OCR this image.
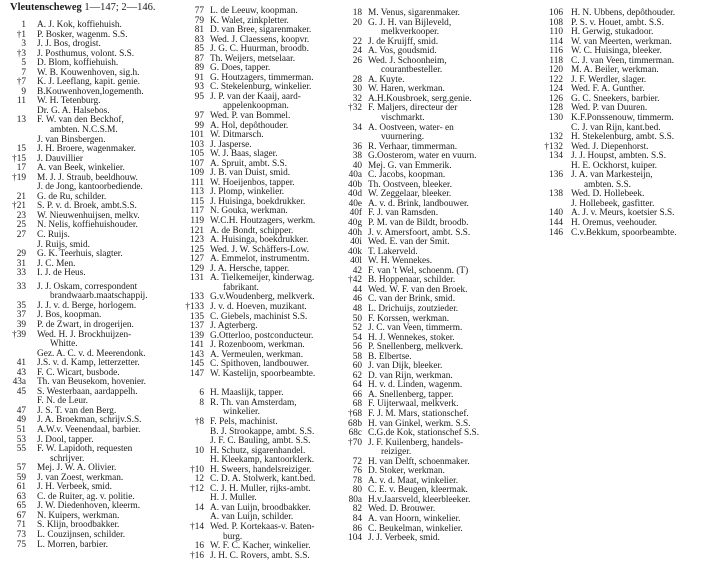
Vleutenscheweg 1—147; 2—146.
1 A. J. Kok, koffiehuish.
†1 P. Bosker, wagenm. S.S.
3 J. J. Bos, drogist.
†3 J. Posthumus, volont. S.S.
5 D. Blom, koffiehuish.
7 W. B. Kouwenhoven, sig.h.
†7 K. J. Leeflang, kapit. genie.
9 B.Kouwenhoven,logementh.
11 W. H. Tetenburg.
Dr. G. A. Halsebos.
13 F. W. van den Beckhof,
ambten. N.C.S.M.
J. van Binsbergen.
15 J. H. Broere, wagenmaker.
†15 J. Dauvillier
17 A. van Beek, winkelier.
†19 M. J. J. Straub, beeldhouw.
J. de Jong, kantoorbediende.
21 G. de Ru, schilder.
†21 S. P. v. d. Broek, ambt.S.S.
23 W. Nieuwenhuijsen, melkv.
25 N. Nelis, koffiehuishouder.
27 C. Ruijs.
J. Ruijs, smid.
29 G. K. Teerhuis, slagter.
31 J. C. Men.
33 I. J. de Heus.
33 J. J. Oskam, correspondent
brandwaarb.maatschappij.
35 J. J. v. d. Berge, horlogem.
37 J. Bos, koopman.
39 P. de Zwart, in drogerijen.
†39 Wed. H. J. Brockhuijzen-
Whitte.
Gez. A. C. v. d. Meerendonk.
41 J.S. v. d. Kamp, letterzetter.
43 F. C. Wicart, busbode.
43a Th. van Beusekom, hovenier.
45 S. Westerbaan, aardappelh.
F. N. de Leur.
47 J. S. T. van den Berg.
49 J. A. Broekman, schrijv.S.S.
51 A.W.v. Veenendaal, barbier.
53 J. Dool, tapper.
55 F. W. Lapidoth, requesten
schrijver.
57 Mej. J. W. A. Olivier.
59 J. van Zoest, werkman.
61 J. H. Verbeek, smid.
63 C. de Ruiter, ag. v. politie.
65 J. W. Diedenhoven, kleerm.
67 N. Kuipers, werkman.
71 S. Klijn, broodbakker.
73 L. Couzijnsen, schilder.
75 L. Morren, barbier.
77 L. de Leeuw, koopman.
79 K. Walet, zinkpletter.
81 D. van Bree, sigarenmaker.
83 Wed. J. Claessens, koopvr.
85 J. G. C. Huurman, broodb.
87 Th. Weijers, metselaar.
89 G. Does, tapper.
91 G. Houtzagers, timmerman.
93 C. Stekelenburg, winkelier.
95 J. P. van der Kaaij, aard-
appelenkoopman.
97 Wed. P. van Bommel.
99 A. Hol, depôthouder.
101 W. Ditmarsch.
103 J. Jasperse.
105 W. J. Baas, slager.
107 A. Spruit, ambt. S.S.
109 J. B. van Duist, smid.
111 W. Hoeijenbos, tapper.
113 J. Plomp, winkelier.
115 J. Huisinga, boekdrukker.
117 N. Gouka, werkman.
119 W.C.H. Houtzagers, werkm.
121 A. de Bondt, schipper.
123 A. Huisinga, boekdrukker.
125 Wed. J. W. Schäffers-Low.
127 A. Emmelot, instrumentm.
129 J. A. Hersche, tapper.
131 A. Tielkemeijer, kinderwag.
fabrikant.
133 G.v.Woudenberg, melkverk.
†133 J. v. d. Hoeven, muzikant.
135 C. Giebels, machinist S.S.
137 J. Agterberg.
139 G.Otterloo, postconducteur.
141 J. Rozenboom, werkman.
143 A. Vermeulen, werkman.
145 C. Spithoven, landbouwer.
147 W. Kastelijn, spoorbeambte.
6 H. Maaslijk, tapper.
8 R. Th. van Amsterdam,
winkelier.
†8 F. Pels, machinist.
B. J. Strookappe, ambt. S.S.
J. F. C. Bauling, ambt. S.S.
10 H. Schutz, sigarenhandel.
H. Kleekamp, kantoorklerk.
†10 H. Sweers, handelsreiziger.
12 C. D. A. Stolwerk, kant.bed.
†12 C. J. H. Muller, rijks-ambt.
H. J. Muller.
14 A. van Luijn, broodbakker.
A. van Luijn, schilder.
†14 Wed. P. Kortekaas-v. Baten-
burg.
16 W. F. C. Kacher, winkelier.
†16 J. H. C. Rovers, ambt. S.S.
18 M. Venus, sigarenmaker.
20 G. J. H. van Bijleveld,
melkverkooper.
22 J. de Kruijff, smid.
24 A. Vos, goudsmid.
26 Wed. J. Schoonheim,
courantbesteller.
28 A. Kuyte.
30 W. Haren, werkman.
32 A.H.Kousbroek, serg.genie.
†32 F. Maljers, directeur der
vischmarkt.
34 A. Oostveen, water- en
vuurnering.
36 R. Verhaar, timmerman.
38 G.Oosterom, water en vuurn.
40 Mej. G. van Emmerik.
40a C. Jacobs, koopman.
40b Th. Oostveen, bleeker.
40d W. Zeggelaar, bleeker.
40e A. v. d. Brink, landbouwer.
40f F. J. van Ramsden.
40g P. M. van de Bildt, broodb.
40h J. v. Amersfoort, ambt. S.S.
40i Wed. E. van der Smit.
40k T. Lakerveld.
40l W. H. Wennekes.
42 F. van 't Wel, schoenm. (T)
†42 B. Hoppenaar, schilder.
44 Wed. W. F. van den Broek.
46 C. van der Brink, smid.
48 L. Drichuijs, zoutzieder.
50 F. Korssen, werkman.
52 J. C. van Veen, timmerm.
54 H. J. Wennekes, stoker.
56 P. Snellenberg, melkverk.
58 B. Elbertse.
60 J. van Dijk, bleeker.
62 D. van Rijn, werkman.
64 H. v. d. Linden, wagenm.
66 A. Snellenberg, tapper.
68 F. Uijterwaal, melkverk.
†68 F. J. M. Mars, stationschef.
68b H. van Ginkel, werkm. S.S.
68c C.G.de Kok, stationschef S.S.
†70 J. F. Kuilenberg, handels-
reiziger.
72 H. van Delft, schoenmaker.
76 D. Stoker, werkman.
78 A. v. d. Maat, winkelier.
80 C. E. v. Beugen, kleermak.
80a H.v.Jaarsveld, kleerbleeker.
82 Wed. D. Brouwer.
84 A. van Hoorn, winkelier.
86 C. Beukelman, winkelier.
104 J. J. Verbeek, smid.
106 H. N. Ubbens, depôthouder.
108 P. S. v. Houet, ambt. S.S.
110 H. Gerwig, stukadoor.
114 W. van Meerten, werkman.
116 W. C. Huisinga, bleeker.
118 C. J. van Veen, timmerman.
120 M. A. Beiler, werkman.
122 J. F. Werdler, slager.
124 Wed. F. A. Gunther.
126 G. C. Sneekers, barbier.
128 Wed. P. van Duuren.
130 K.F.Ponssenouw, timmerm.
C. J. van Rijn, kant.bed.
132 H. Stekelenburg, ambt. S.S.
†132 Wed. J. Diepenhorst.
134 J. J. Houpst, ambten. S.S.
H. E. Ockhorst, kuiper.
136 J. A. van Markesteijn,
ambten. S.S.
138 Wed. D. Hollebeek.
J. Hollebeek, gasfitter.
140 A. J. v. Meurs, koetsier S.S.
144 H. Oremus, veehouder.
146 C.v.Bekkum, spoorbeambte.
